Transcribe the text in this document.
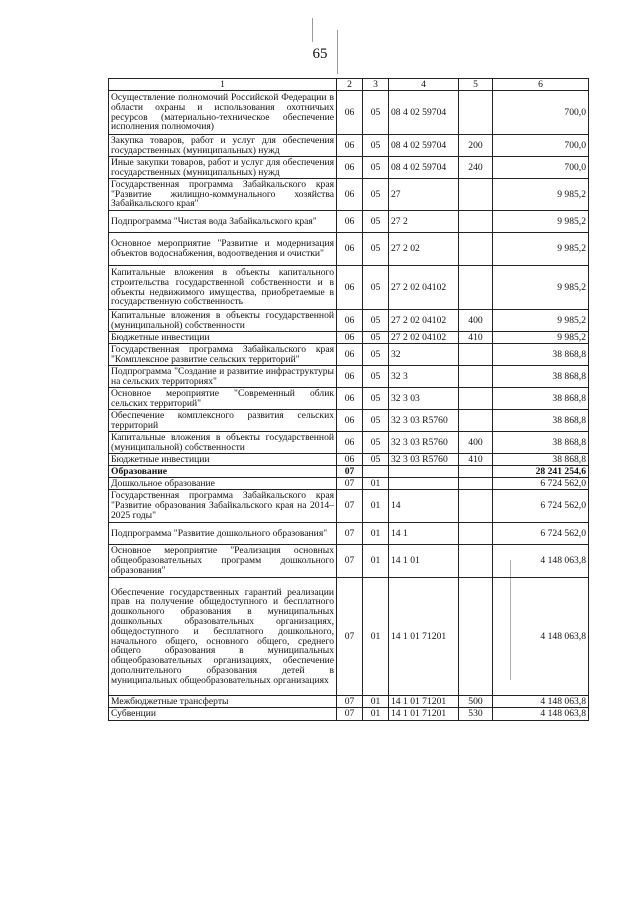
65
1	2	3	4	5	6
Осуществление полномочий Российской Федерации в области охраны и использования охотничьих ресурсов (материально-техническое обеспечение исполнения полномочия)	06	05	08 4 02 59704		700,0
Закупка товаров, работ и услуг для обеспечения государственных (муниципальных) нужд	06	05	08 4 02 59704	200	700,0
Иные закупки товаров, работ и услуг для обеспечения государственных (муниципальных) нужд	06	05	08 4 02 59704	240	700,0
Государственная программа Забайкальского края "Развитие жилищно-коммунального хозяйства Забайкальского края"	06	05	27		9 985,2
Подпрограмма "Чистая вода Забайкальского края"	06	05	27 2		9 985,2
Основное мероприятие "Развитие и модернизация объектов водоснабжения, водоотведения и очистки"	06	05	27 2 02		9 985,2
Капитальные вложения в объекты капитального строительства государственной собственности и в объекты недвижимого имущества, приобретаемые в государственную собственность	06	05	27 2 02 04102		9 985,2
Капитальные вложения в объекты государственной (муниципальной) собственности	06	05	27 2 02 04102	400	9 985,2
Бюджетные инвестиции	06	05	27 2 02 04102	410	9 985,2
Государственная программа Забайкальского края "Комплексное развитие сельских территорий"	06	05	32		38 868,8
Подпрограмма "Создание и развитие инфраструктуры на сельских территориях"	06	05	32 3		38 868,8
Основное мероприятие "Современный облик сельских территорий"	06	05	32 3 03		38 868,8
Обеспечение комплексного развития сельских территорий	06	05	32 3 03 R5760		38 868,8
Капитальные вложения в объекты государственной (муниципальной) собственности	06	05	32 3 03 R5760	400	38 868,8
Бюджетные инвестиции	06	05	32 3 03 R5760	410	38 868,8
Образование	07				28 241 254,6
Дошкольное образование	07	01			6 724 562,0
Государственная программа Забайкальского края "Развитие образования Забайкальского края на 2014–2025 годы"	07	01	14		6 724 562,0
Подпрограмма "Развитие дошкольного образования"	07	01	14 1		6 724 562,0
Основное мероприятие "Реализация основных общеобразовательных программ дошкольного образования"	07	01	14 1 01		4 148 063,8
Обеспечение государственных гарантий реализации прав на получение общедоступного и бесплатного дошкольного образования в муниципальных дошкольных образовательных организациях, общедоступного и бесплатного дошкольного, начального общего, основного общего, среднего общего образования в муниципальных общеобразовательных организациях, обеспечение дополнительного образования детей в муниципальных общеобразовательных организациях	07	01	14 1 01 71201		4 148 063,8
Межбюджетные трансферты	07	01	14 1 01 71201	500	4 148 063,8
Субвенции	07	01	14 1 01 71201	530	4 148 063,8
